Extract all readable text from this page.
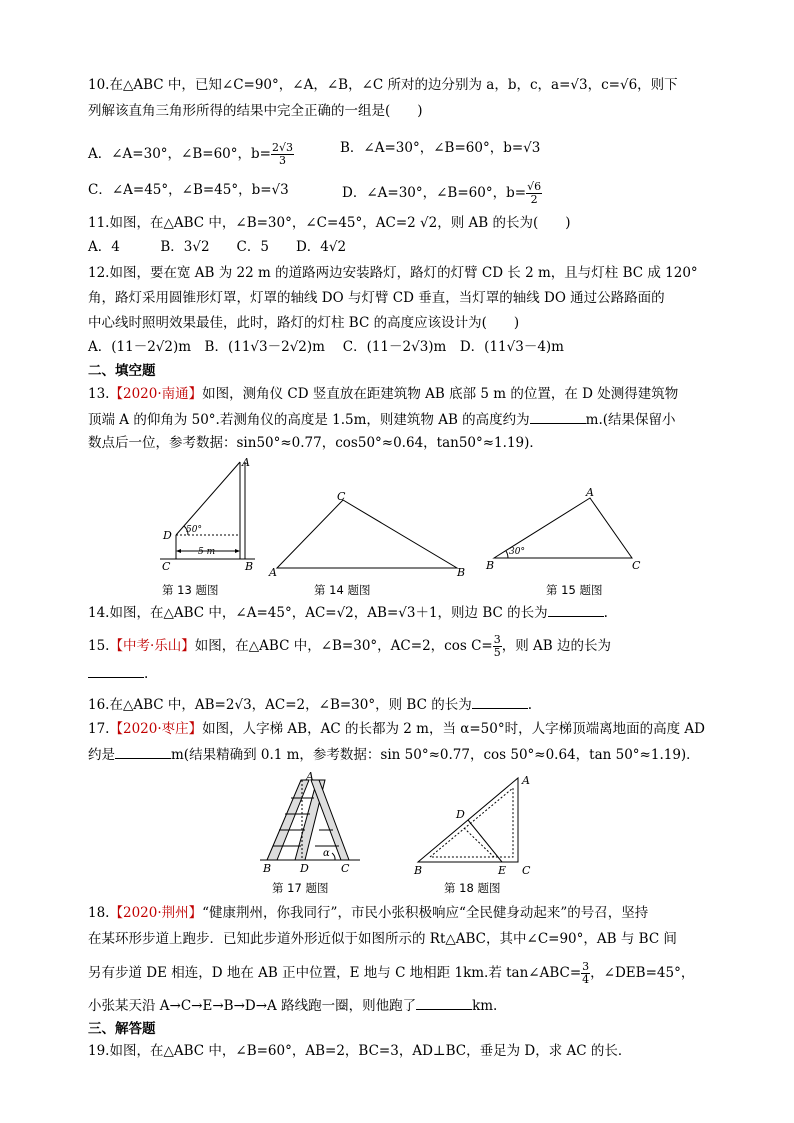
10.在△ABC 中，已知∠C=90°，∠A，∠B，∠C 所对的边分别为 a，b，c，a=√3，c=√6，则下
列解该直角三角形所得的结果中完全正确的一组是(　　)
A．∠A=30°，∠B=60°，$b= \frac{2√3}{3}$	B．∠A=30°，∠B=60°，b=√3
C．∠A=45°，∠B=45°，b=√3	D．∠A=30°，∠B=60°，$b= \frac{√6}{2}$
11.如图，在△ABC 中，∠B=30°，∠C=45°，AC=2 √2，则 AB 的长为(　　)
A．4　　　B．3√2　　C．5　　D．4√2
12.如图，要在宽 AB 为 22 m 的道路两边安装路灯，路灯的灯臂 CD 长 2 m，且与灯柱 BC 成 120°
角，路灯采用圆锥形灯罩，灯罩的轴线 DO 与灯臂 CD 垂直，当灯罩的轴线 DO 通过公路路面的
中心线时照明效果最佳，此时，路灯的灯柱 BC 的高度应该设计为(　　)
A．(11－2√2)m　B．(11√3－2√2)m　 C．(11－2√3)m　D．(11√3－4)m
二、填空题
13.【2020·南通】如图，测角仪 CD 竖直放在距建筑物 AB 底部 5 m 的位置，在 D 处测得建筑物
顶端 A 的仰角为 50°.若测角仪的高度是 1.5m，则建筑物 AB 的高度约为	m.(结果保留小
数点后一位，参考数据：sin50°≈0.77，cos50°≈0.64，tan50°≈1.19)．
A
B
C
D 50°
5 m
第 13 题图
C
A	B
第 14 题图
A
B	C
30°
第 15 题图
14.如图，在△ABC 中，∠A=45°，AC=√2，AB=√3＋1，则边 BC 的长为	.
15.【中考·乐山】如图，在△ABC 中，∠B=30°，AC=2，$\cos C= \frac{3}{5}$ ，则 AB 边的长为
.
16.在△ABC 中，AB=2√3，AC=2，∠B=30°，则 BC 的长为	.
17.【2020·枣庄】如图，人字梯 AB，AC 的长都为 2 m，当 α=50°时，人字梯顶端离地面的高度 AD
约是	m(结果精确到 0.1 m，参考数据：sin 50°≈0.77，cos 50°≈0.64，tan 50°≈1.19)．
A
B	D	C
α
第 17 题图
A
B	C
D
E
第 18 题图
18.【2020·荆州】“健康荆州，你我同行”，市民小张积极响应“全民健身动起来”的号召，坚持
在某环形步道上跑步．已知此步道外形近似于如图所示的 Rt△ABC，其中∠C=90°，AB 与 BC 间
另有步道 DE 相连，D 地在 AB 正中位置，E 地与 C 地相距 1km.若 tan∠ABC= $\frac{3}{4}$ ，∠DEB=45°，
小张某天沿 A→C→E→B→D→A 路线跑一圈，则他跑了	km.
三、解答题
19.如图，在△ABC 中，∠B=60°，AB=2，BC=3，AD⊥BC，垂足为 D，求 AC 的长．
